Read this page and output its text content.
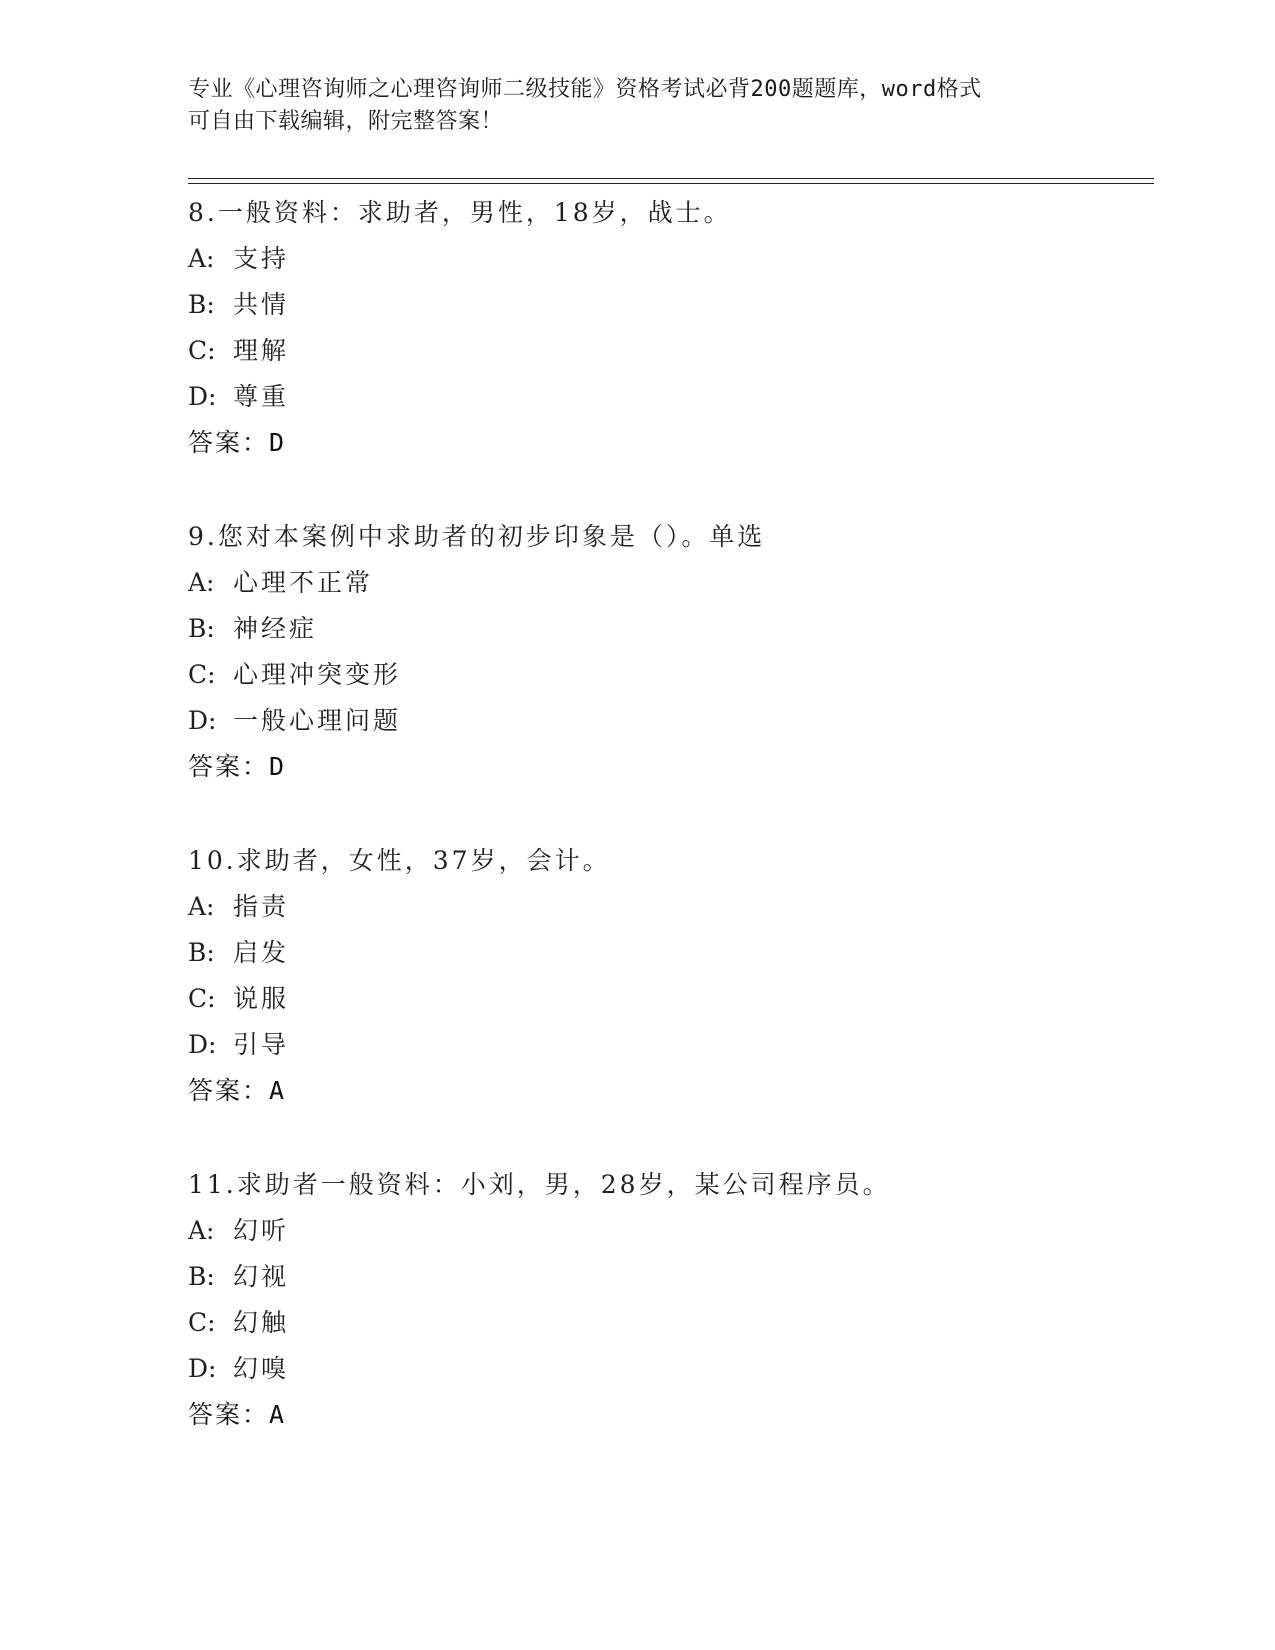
专业《心理咨询师之心理咨询师二级技能》资格考试必背200题题库，word格式
可自由下载编辑，附完整答案！
8.一般资料：求助者，男性，18岁，战士。
A: 支持
B: 共情
C: 理解
D: 尊重
答案：D
9.您对本案例中求助者的初步印象是（）。单选
A: 心理不正常
B: 神经症
C: 心理冲突变形
D: 一般心理问题
答案：D
10.求助者，女性，37岁，会计。
A: 指责
B: 启发
C: 说服
D: 引导
答案：A
11.求助者一般资料：小刘，男，28岁，某公司程序员。
A: 幻听
B: 幻视
C: 幻触
D: 幻嗅
答案：A
